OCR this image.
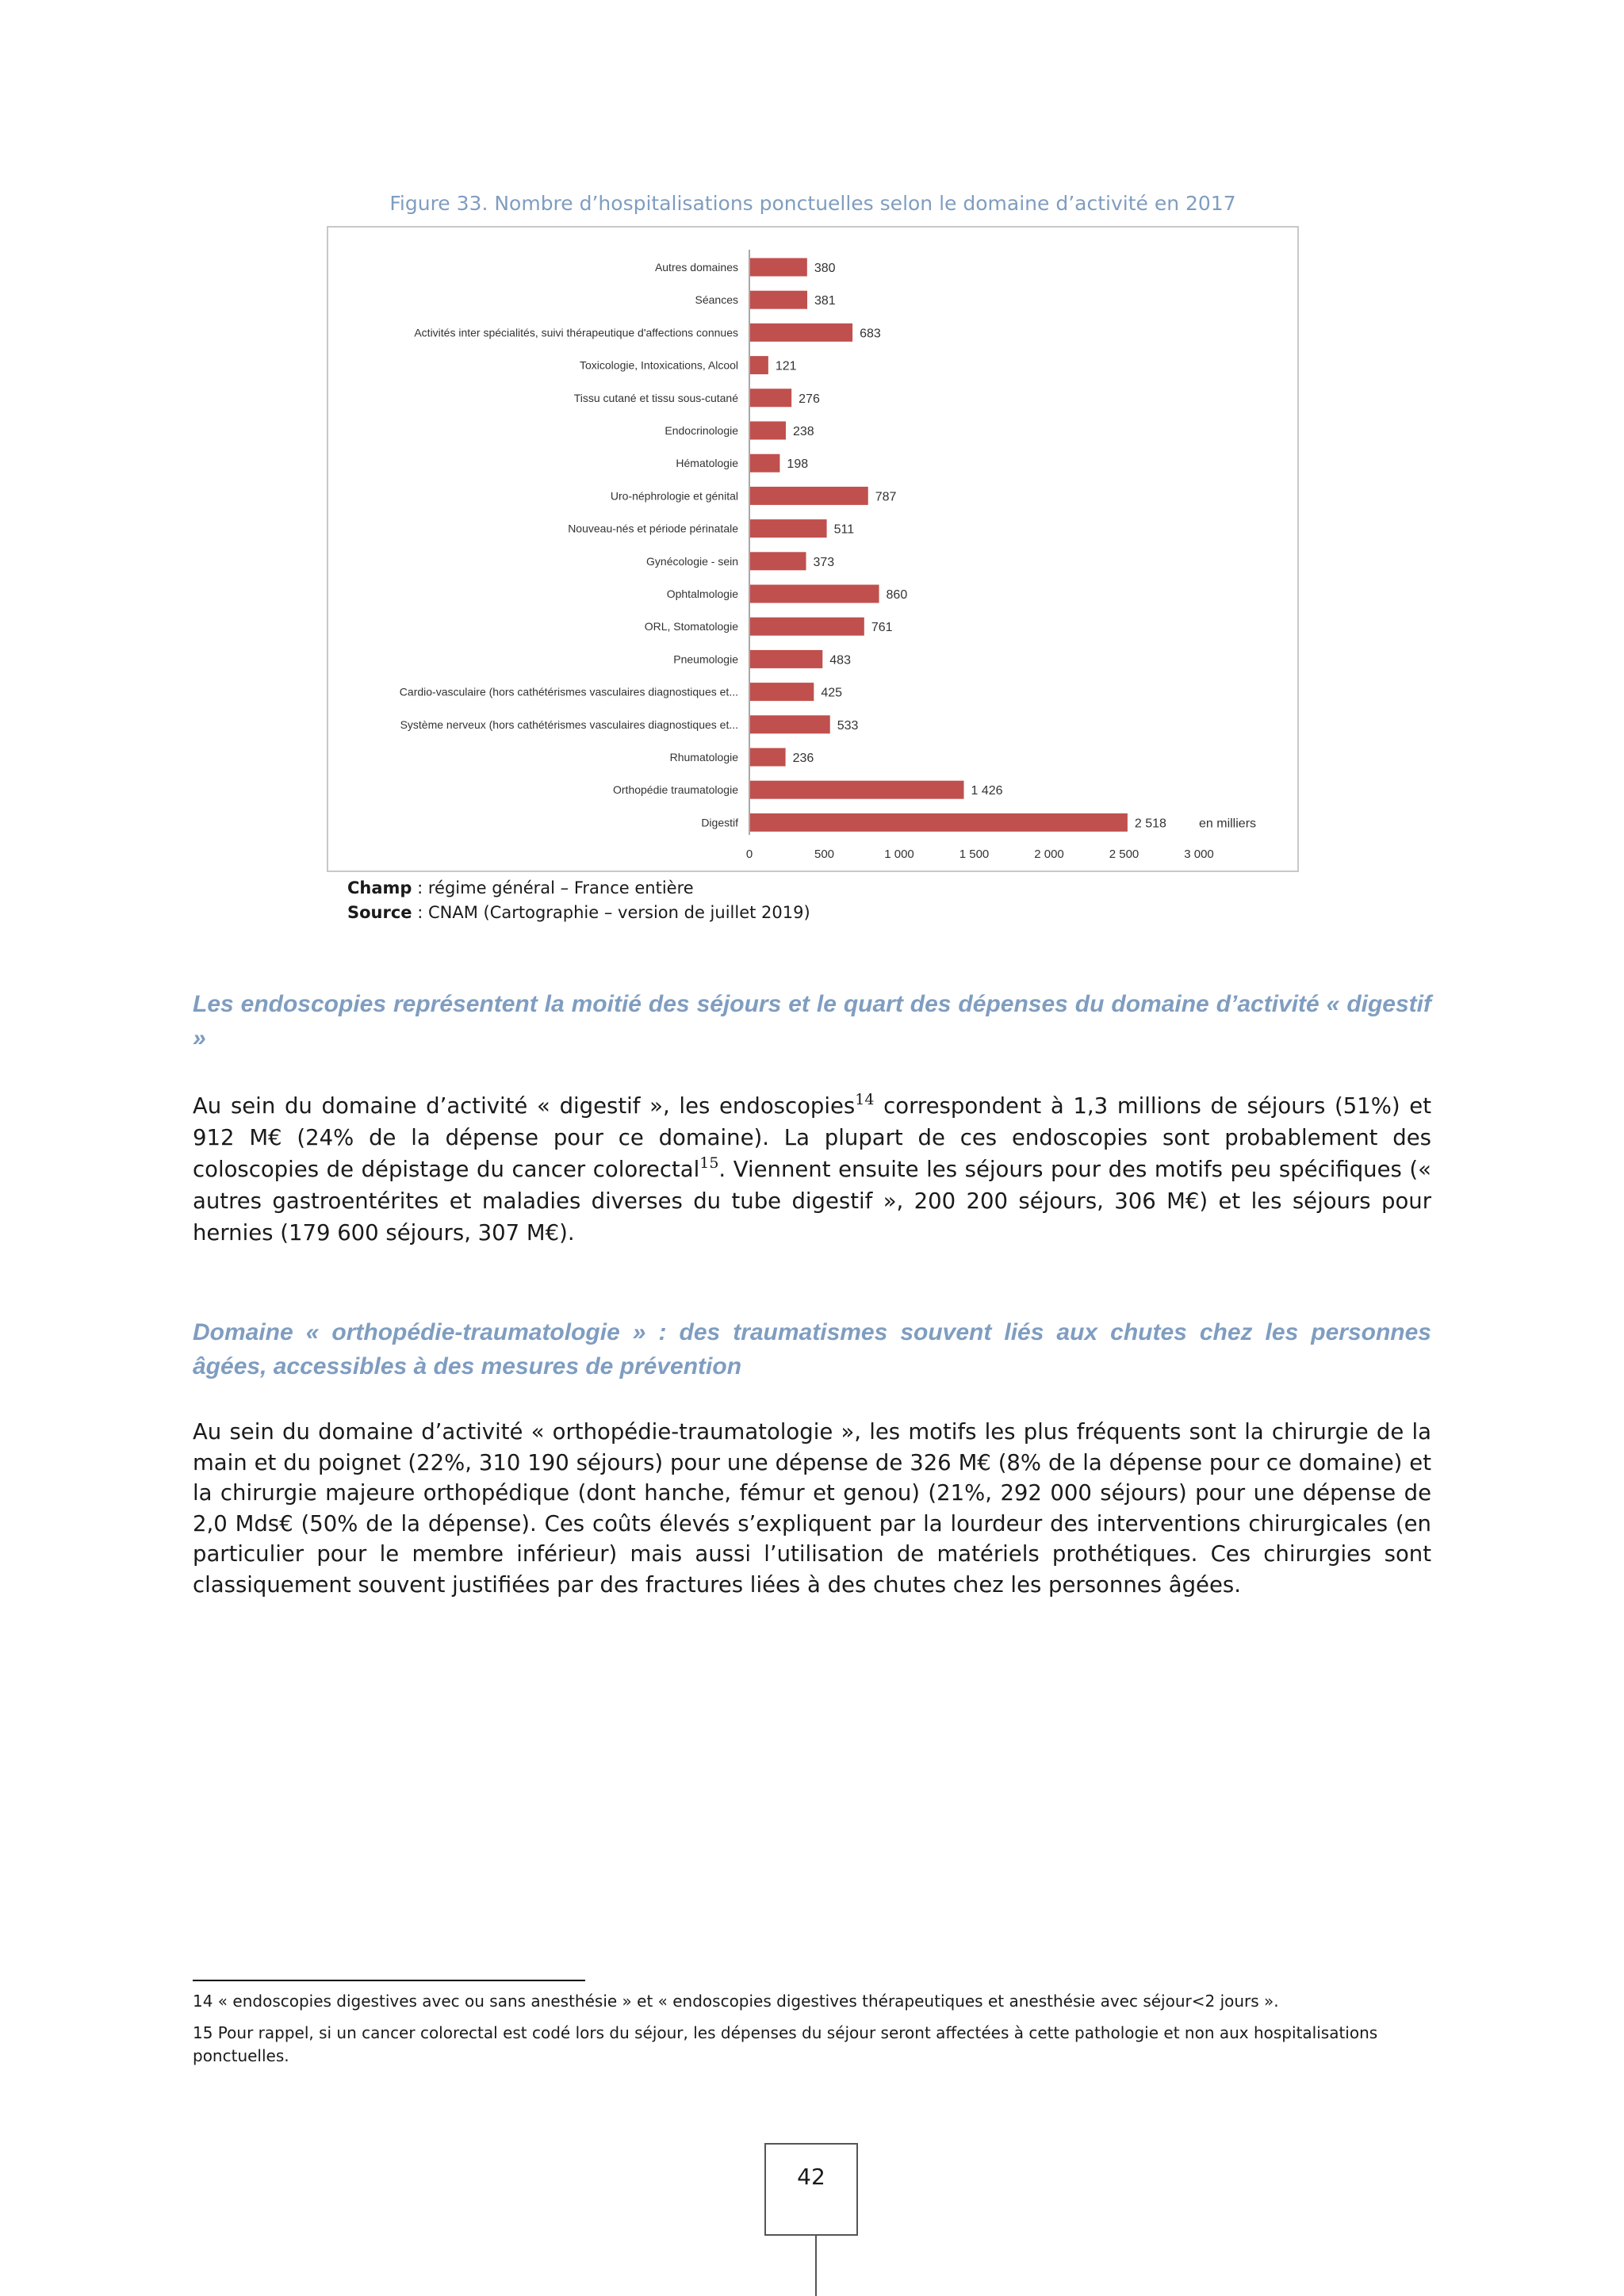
Figure 33. Nombre d’hospitalisations ponctuelles selon le domaine d’activité en 2017
Autres domaines	380
Séances	381
Activités inter spécialités, suivi thérapeutique d'affections connues	683
Toxicologie, Intoxications, Alcool	121
Tissu cutané et tissu sous-cutané	276
Endocrinologie	238
Hématologie	198
Uro-néphrologie et génital	787
Nouveau-nés et période périnatale	511
Gynécologie - sein	373
Ophtalmologie	860
ORL, Stomatologie	761
Pneumologie	483
Cardio-vasculaire (hors cathétérismes vasculaires diagnostiques et...	425
Système nerveux (hors cathétérismes vasculaires diagnostiques et...	533
Rhumatologie	236
Orthopédie traumatologie	1 426
Digestif	2 518
0	500	1 000	1 500	2 000	2 500	3 000
en milliers
Champ : régime général – France entière
Source : CNAM (Cartographie – version de juillet 2019)
Les endoscopies représentent la moitié des séjours et le quart des dépenses du domaine d’activité « digestif »

Au sein du domaine d’activité « digestif », les endoscopies$^{14}$ correspondent à 1,3 millions de séjours (51%) et 912 M€ (24% de la dépense pour ce domaine). La plupart de ces endoscopies sont probablement des coloscopies de dépistage du cancer colorectal$^{15}$. Viennent ensuite les séjours pour des motifs peu spécifiques (« autres gastroentérites et maladies diverses du tube digestif », 200 200 séjours, 306 M€) et les séjours pour hernies (179 600 séjours, 307 M€).

Domaine « orthopédie-traumatologie » : des traumatismes souvent liés aux chutes chez les personnes âgées, accessibles à des mesures de prévention

Au sein du domaine d’activité « orthopédie-traumatologie », les motifs les plus fréquents sont la chirurgie de la main et du poignet (22%, 310 190 séjours) pour une dépense de 326 M€ (8% de la dépense pour ce domaine) et la chirurgie majeure orthopédique (dont hanche, fémur et genou) (21%, 292 000 séjours) pour une dépense de 2,0 Mds€ (50% de la dépense). Ces coûts élevés s’expliquent par la lourdeur des interventions chirurgicales (en particulier pour le membre inférieur) mais aussi l’utilisation de matériels prothétiques. Ces chirurgies sont classiquement souvent justifiées par des fractures liées à des chutes chez les personnes âgées.

14 « endoscopies digestives avec ou sans anesthésie » et « endoscopies digestives thérapeutiques et anesthésie avec séjour<2 jours ».

15 Pour rappel, si un cancer colorectal est codé lors du séjour, les dépenses du séjour seront affectées à cette pathologie et non aux hospitalisations ponctuelles.

42
